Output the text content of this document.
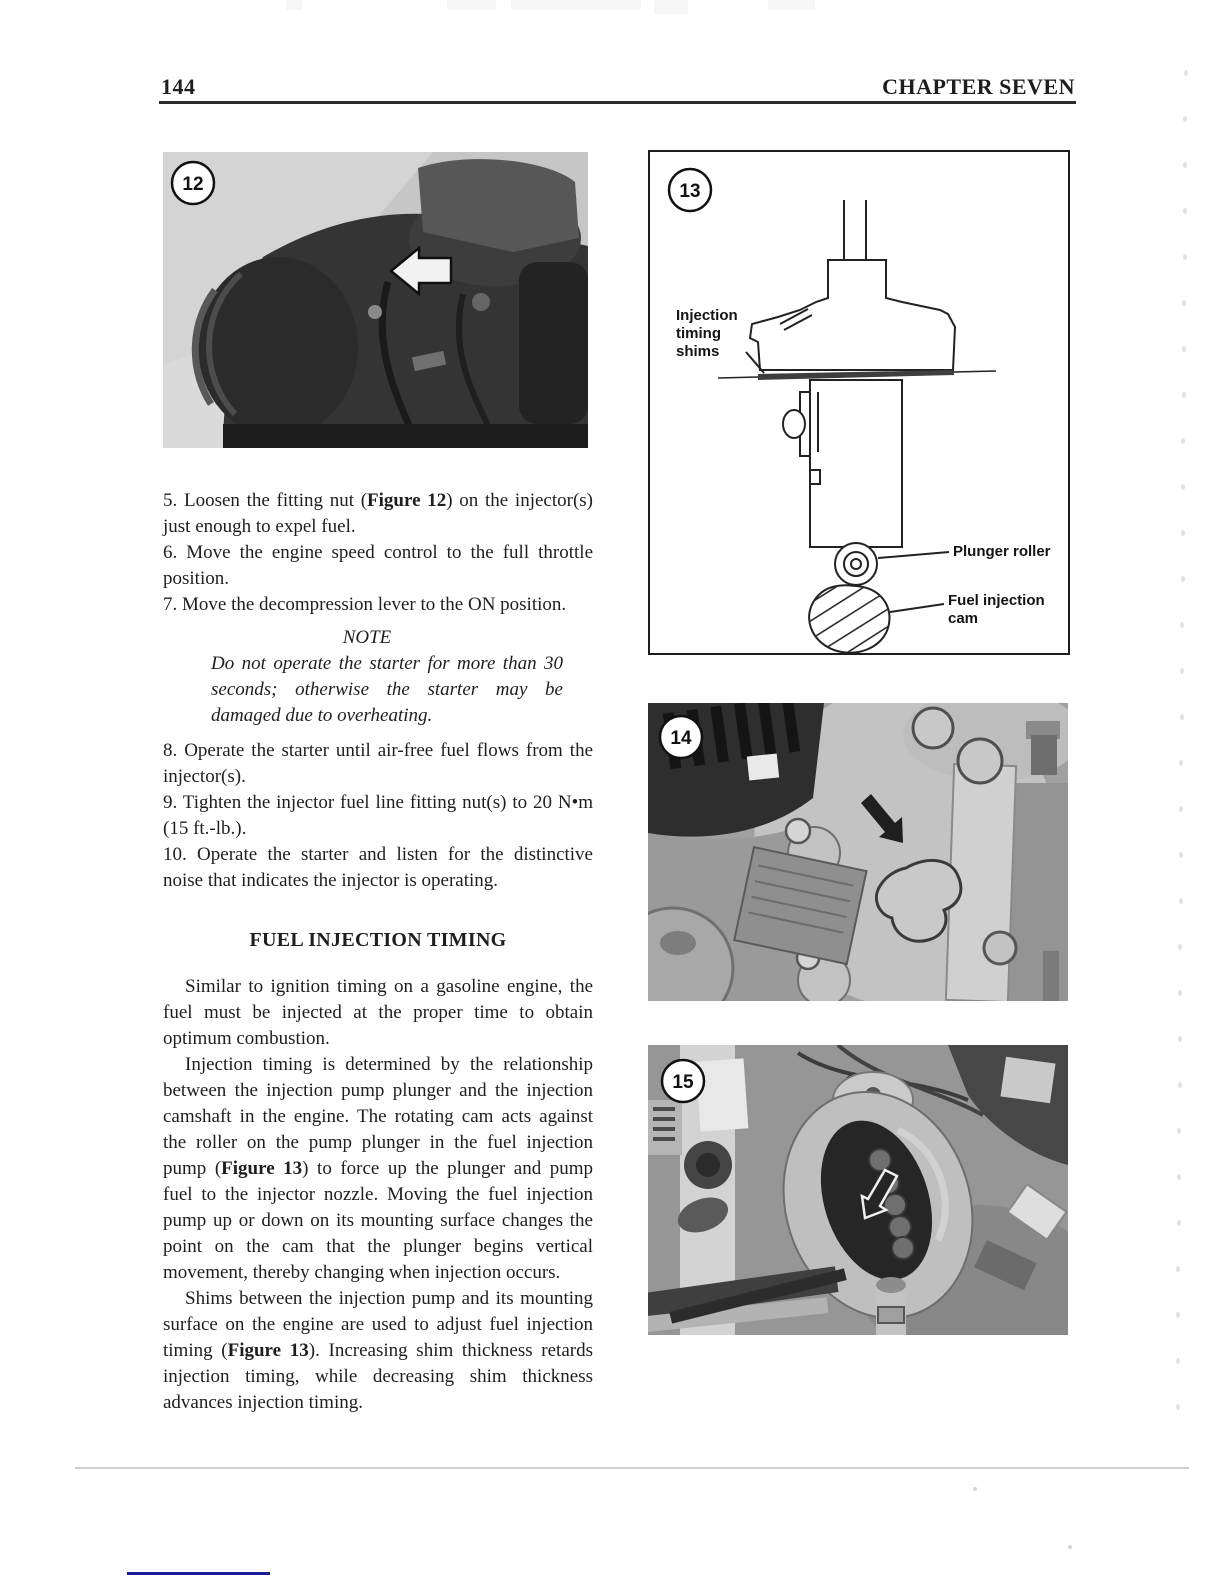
144	CHAPTER SEVEN
12

5. Loosen the fitting nut (Figure 12) on the injector(s) just enough to expel fuel.

6. Move the engine speed control to the full throttle position.

7. Move the decompression lever to the ON position.

NOTE

Do not operate the starter for more than 30 seconds; otherwise the starter may be damaged due to overheating.

8. Operate the starter until air-free fuel flows from the injector(s).

9. Tighten the injector fuel line fitting nut(s) to 20 N•m (15 ft.-lb.).

10. Operate the starter and listen for the distinctive noise that indicates the injector is operating.

FUEL INJECTION TIMING

Similar to ignition timing on a gasoline engine, the fuel must be injected at the proper time to obtain optimum combustion.

Injection timing is determined by the relationship between the injection pump plunger and the injection camshaft in the engine. The rotating cam acts against the roller on the pump plunger in the fuel injection pump (Figure 13) to force up the plunger and pump fuel to the injector nozzle. Moving the fuel injection pump up or down on its mounting surface changes the point on the cam that the plunger begins vertical movement, thereby changing when injection occurs.

Shims between the injection pump and its mounting surface on the engine are used to adjust fuel injection timing (Figure 13). Increasing shim thickness retards injection timing, while decreasing shim thickness advances injection timing.

13
Injection timing shims
Plunger roller
Fuel injection cam
14
15
